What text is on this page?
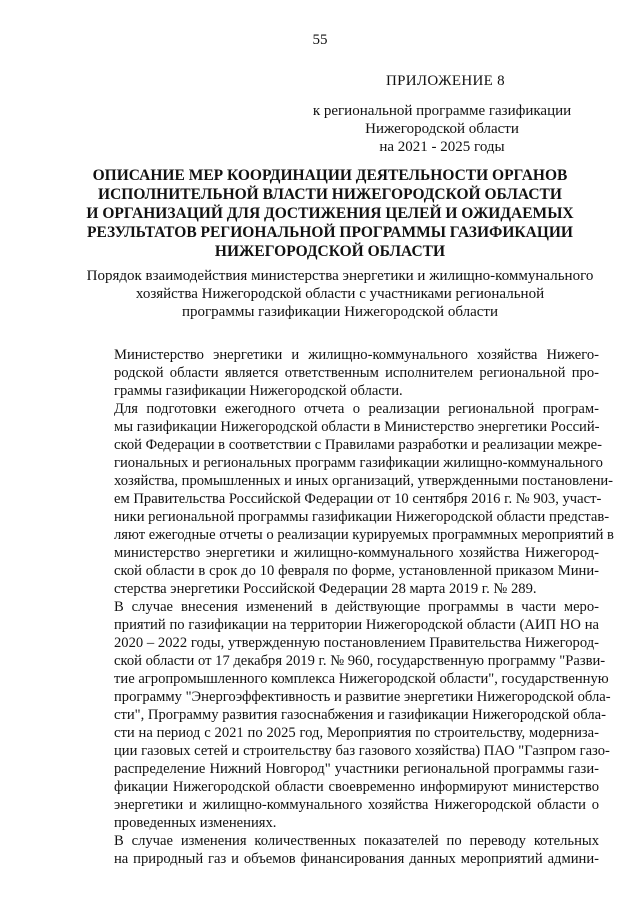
55
ПРИЛОЖЕНИЕ 8
к региональной программе газификации
Нижегородской области
на 2021 - 2025 годы
ОПИСАНИЕ МЕР КООРДИНАЦИИ ДЕЯТЕЛЬНОСТИ ОРГАНОВ
ИСПОЛНИТЕЛЬНОЙ ВЛАСТИ НИЖЕГОРОДСКОЙ ОБЛАСТИ
И ОРГАНИЗАЦИЙ ДЛЯ ДОСТИЖЕНИЯ ЦЕЛЕЙ И ОЖИДАЕМЫХ
РЕЗУЛЬТАТОВ РЕГИОНАЛЬНОЙ ПРОГРАММЫ ГАЗИФИКАЦИИ
НИЖЕГОРОДСКОЙ ОБЛАСТИ
Порядок взаимодействия министерства энергетики и жилищно-коммунального
хозяйства Нижегородской области с участниками региональной
программы газификации Нижегородской области

Министерство энергетики и жилищно-коммунального хозяйства Нижего-
родской области является ответственным исполнителем региональной про-
граммы газификации Нижегородской области.

Для подготовки ежегодного отчета о реализации региональной програм-
мы газификации Нижегородской области в Министерство энергетики Россий-
ской Федерации в соответствии с Правилами разработки и реализации межре-
гиональных и региональных программ газификации жилищно-коммунального
хозяйства, промышленных и иных организаций, утвержденными постановлени-
ем Правительства Российской Федерации от 10 сентября 2016 г. № 903, участ-
ники региональной программы газификации Нижегородской области представ-
ляют ежегодные отчеты о реализации курируемых программных мероприятий в
министерство энергетики и жилищно-коммунального хозяйства Нижегород-
ской области в срок до 10 февраля по форме, установленной приказом Мини-
стерства энергетики Российской Федерации 28 марта 2019 г. № 289.

В случае внесения изменений в действующие программы в части меро-
приятий по газификации на территории Нижегородской области (АИП НО на
2020 – 2022 годы, утвержденную постановлением Правительства Нижегород-
ской области от 17 декабря 2019 г. № 960, государственную программу "Разви-
тие агропромышленного комплекса Нижегородской области", государственную
программу "Энергоэффективность и развитие энергетики Нижегородской обла-
сти", Программу развития газоснабжения и газификации Нижегородской обла-
сти на период с 2021 по 2025 год, Мероприятия по строительству, модерниза-
ции газовых сетей и строительству баз газового хозяйства) ПАО "Газпром газо-
распределение Нижний Новгород" участники региональной программы гази-
фикации Нижегородской области своевременно информируют министерство
энергетики и жилищно-коммунального хозяйства Нижегородской области о
проведенных изменениях.

В случае изменения количественных показателей по переводу котельных
на природный газ и объемов финансирования данных мероприятий админи-
